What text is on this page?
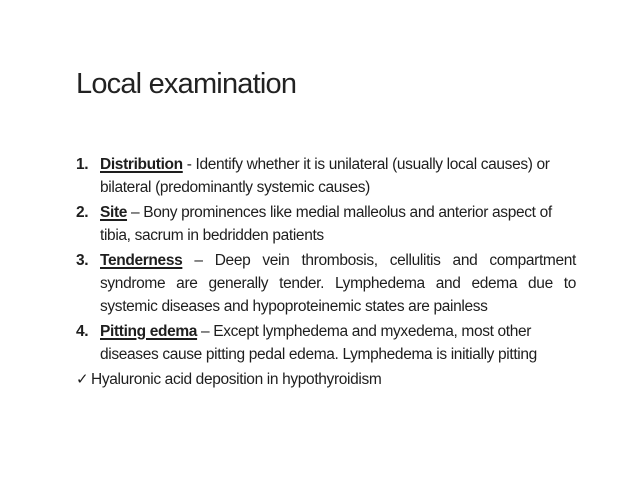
Local examination
1. Distribution - Identify whether it is unilateral (usually local causes) or bilateral (predominantly systemic causes)
2. Site – Bony prominences like medial malleolus and anterior aspect of tibia, sacrum in bedridden patients
3. Tenderness – Deep vein thrombosis, cellulitis and compartment syndrome are generally tender. Lymphedema and edema due to systemic diseases and hypoproteinemic states are painless
4. Pitting edema – Except lymphedema and myxedema, most other diseases cause pitting pedal edema. Lymphedema is initially pitting
✓ Hyaluronic acid deposition in hypothyroidism
